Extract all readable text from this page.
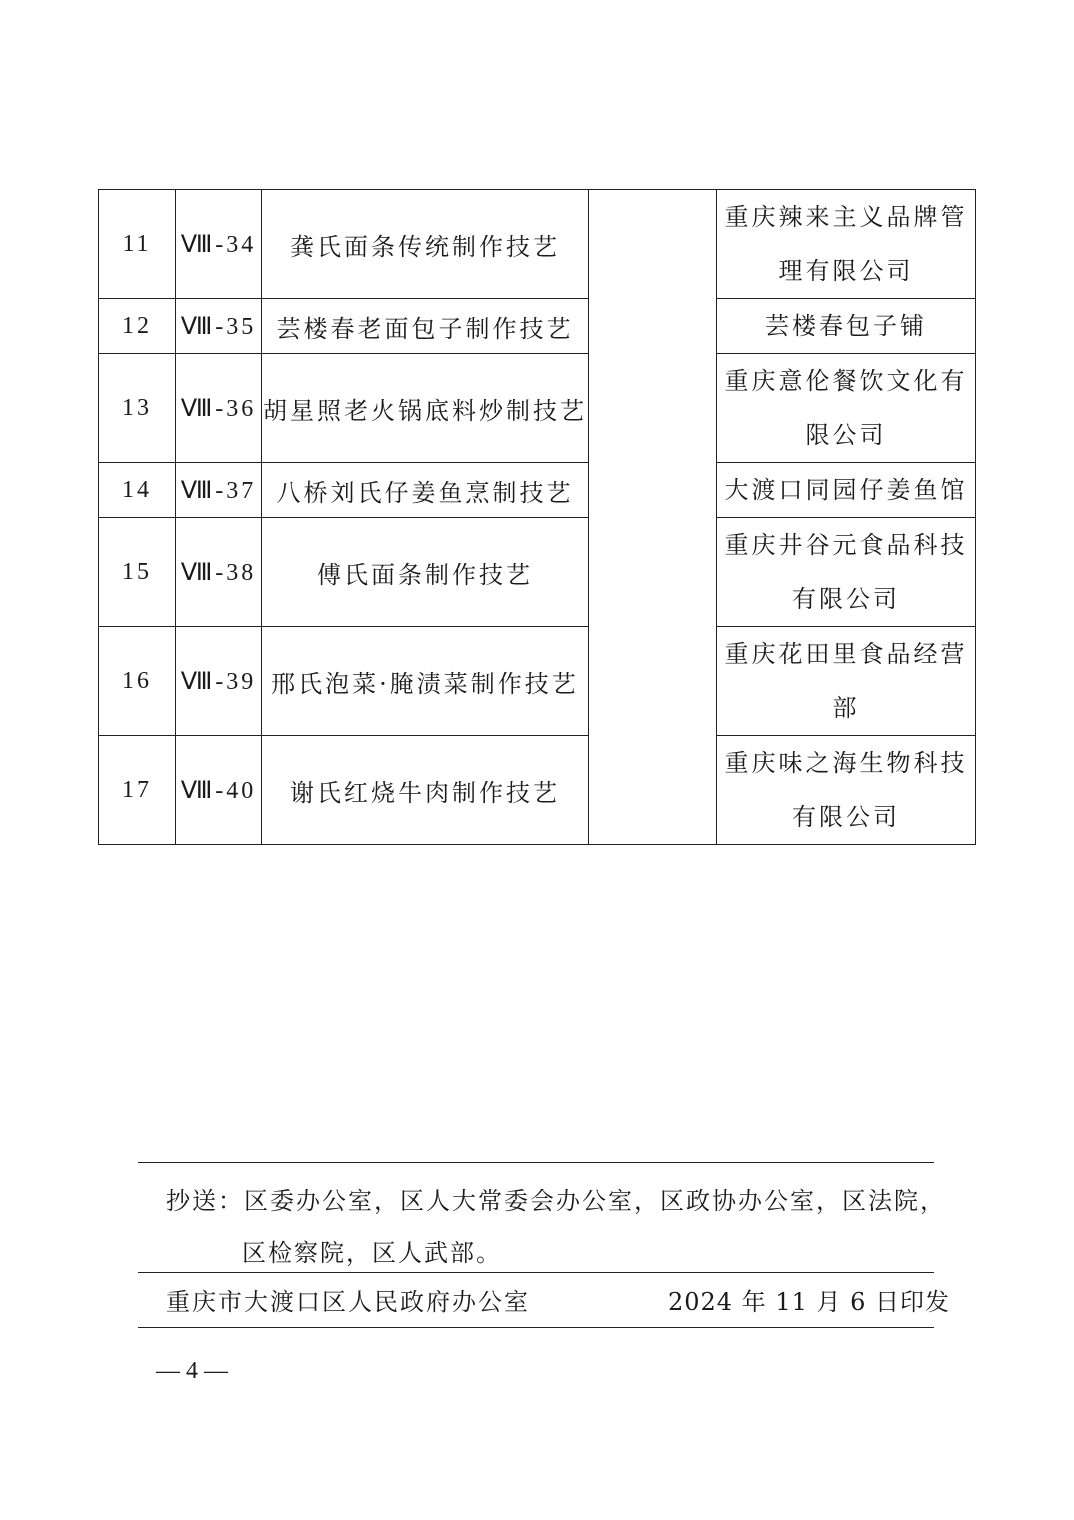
11	Ⅷ-34	龚氏面条传统制作技艺		重庆辣来主义品牌管
理有限公司

12	Ⅷ-35	芸楼春老面包子制作技艺		芸楼春包子铺

13	Ⅷ-36	胡星照老火锅底料炒制技艺		重庆意伦餐饮文化有
限公司

14	Ⅷ-37	八桥刘氏仔姜鱼烹制技艺		大渡口同园仔姜鱼馆

15	Ⅷ-38	傅氏面条制作技艺		重庆井谷元食品科技
有限公司

16	Ⅷ-39	邢氏泡菜·腌渍菜制作技艺		重庆花田里食品经营
部

17	Ⅷ-40	谢氏红烧牛肉制作技艺		重庆味之海生物科技
有限公司
抄送：区委办公室，区人大常委会办公室，区政协办公室，区法院，
区检察院，区人武部。
重庆市大渡口区人民政府办公室	2024 年 11 月 6 日印发
— 4 —
